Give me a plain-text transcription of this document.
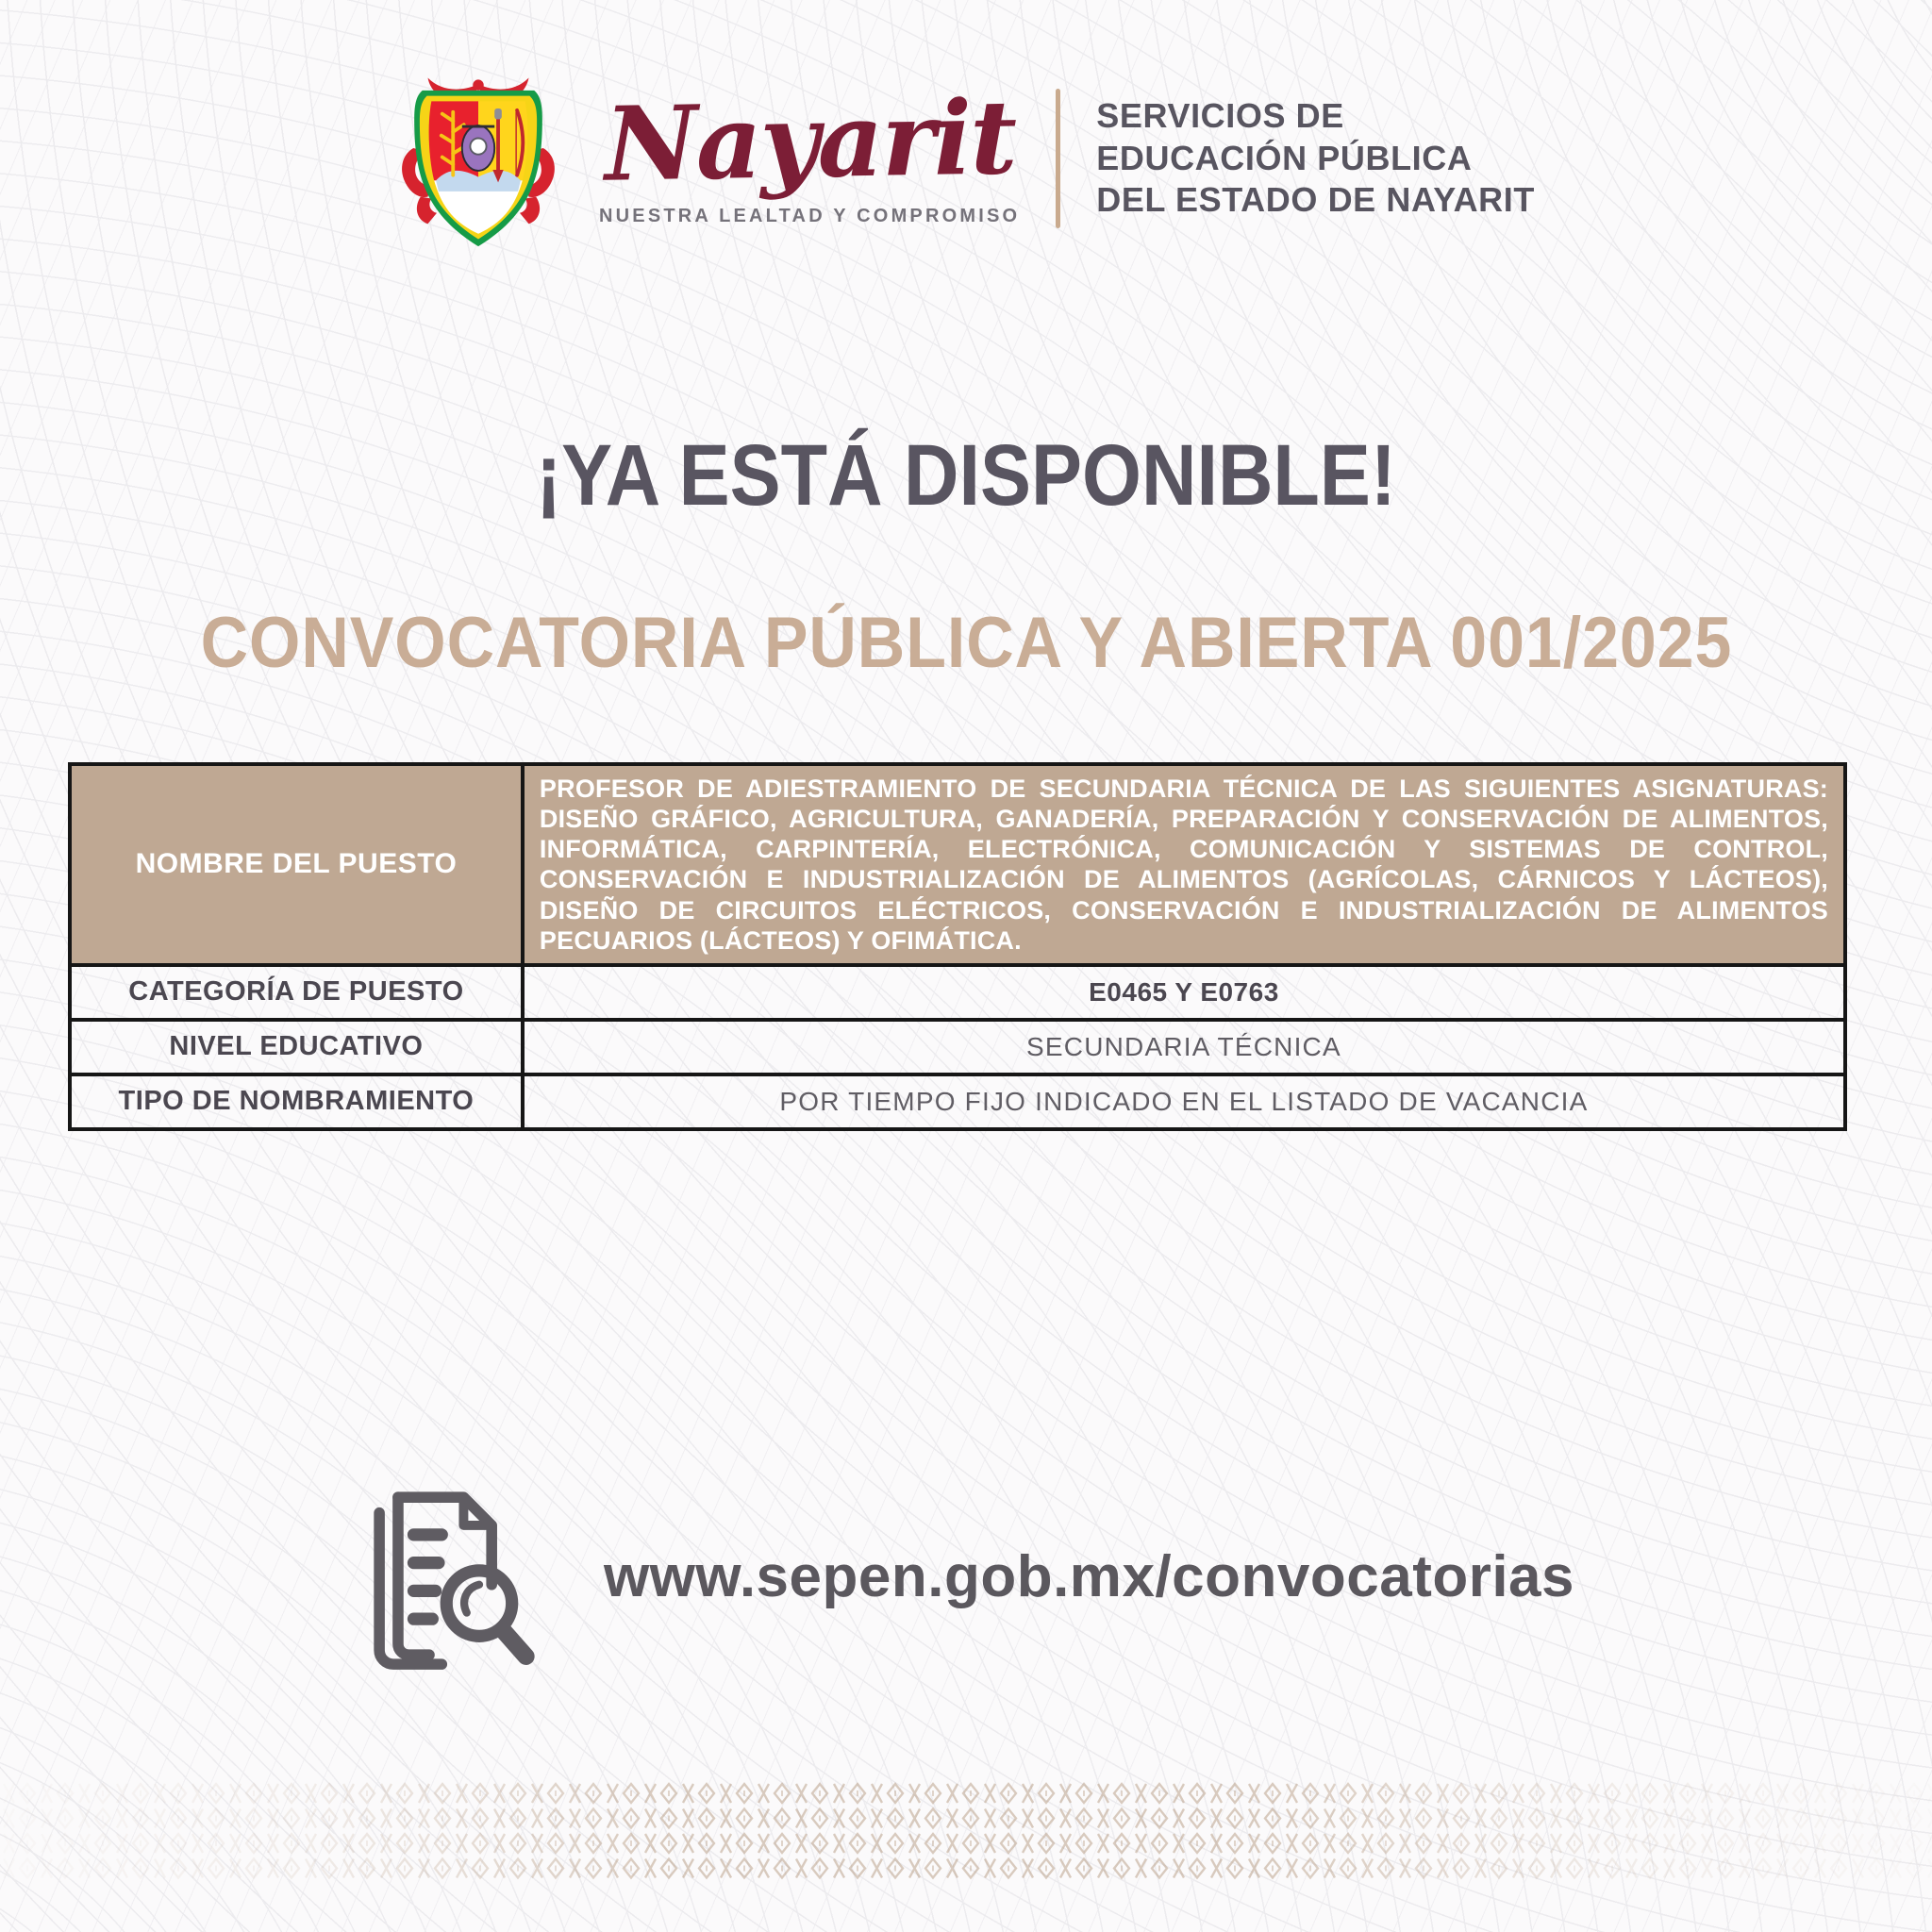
Nayarit
NUESTRA LEALTAD Y COMPROMISO
SERVICIOS DE
EDUCACIÓN PÚBLICA
DEL ESTADO DE NAYARIT
¡YA ESTÁ DISPONIBLE!
CONVOCATORIA PÚBLICA Y ABIERTA 001/2025
NOMBRE DEL PUESTO	PROFESOR DE ADIESTRAMIENTO DE SECUNDARIA TÉCNICA DE LAS SIGUIENTES ASIGNATURAS: DISEÑO GRÁFICO, AGRICULTURA, GANADERÍA, PREPARACIÓN Y CONSERVACIÓN DE ALIMENTOS, INFORMÁTICA, CARPINTERÍA, ELECTRÓNICA, COMUNICACIÓN Y SISTEMAS DE CONTROL, CONSERVACIÓN E INDUSTRIALIZACIÓN DE ALIMENTOS (AGRÍCOLAS, CÁRNICOS Y LÁCTEOS), DISEÑO DE CIRCUITOS ELÉCTRICOS, CONSERVACIÓN E INDUSTRIALIZACIÓN DE ALIMENTOS PECUARIOS (LÁCTEOS) Y OFIMÁTICA.
CATEGORÍA DE PUESTO	E0465 Y E0763
NIVEL EDUCATIVO	SECUNDARIA TÉCNICA
TIPO DE NOMBRAMIENTO	POR TIEMPO FIJO INDICADO EN EL LISTADO DE VACANCIA
www.sepen.gob.mx/convocatorias
